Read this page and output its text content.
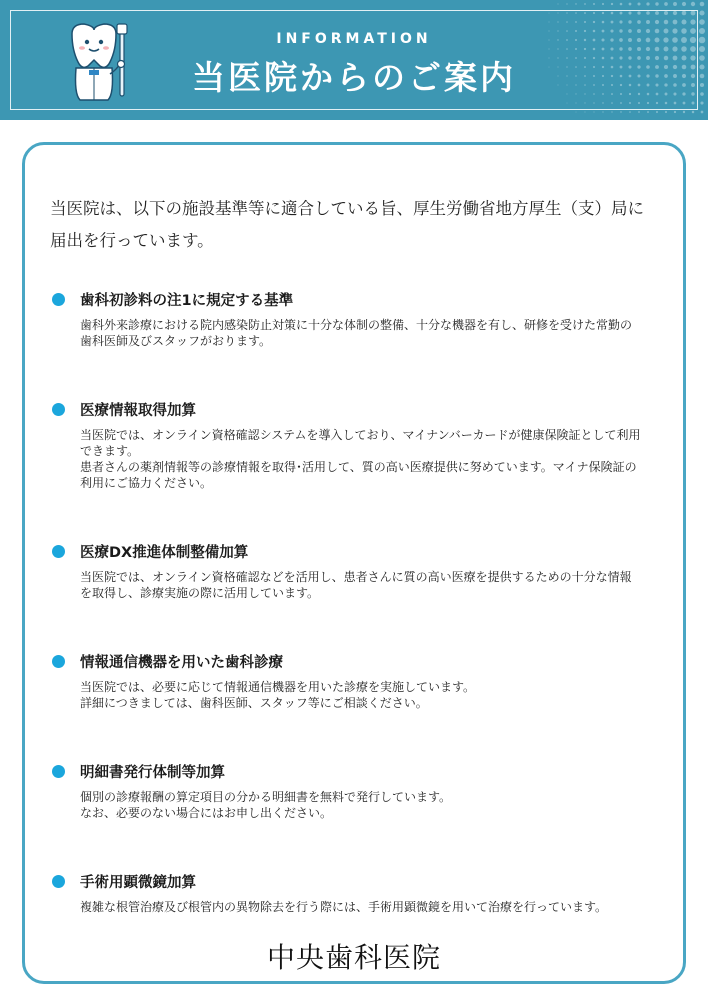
INFORMATION
当医院からのご案内
当医院は、以下の施設基準等に適合している旨、厚生労働省地方厚生（支）局に届出を行っています。
歯科初診料の注1に規定する基準

歯科外来診療における院内感染防止対策に十分な体制の整備、十分な機器を有し、研修を受けた常勤の歯科医師及びスタッフがおります。

医療情報取得加算

当医院では、オンライン資格確認システムを導入しており、マイナンバーカードが健康保険証として利用できます。

患者さんの薬剤情報等の診療情報を取得･活用して、質の高い医療提供に努めています。マイナ保険証の利用にご協力ください。

医療DX推進体制整備加算

当医院では、オンライン資格確認などを活用し、患者さんに質の高い医療を提供するための十分な情報を取得し、診療実施の際に活用しています。

情報通信機器を用いた歯科診療

当医院では、必要に応じて情報通信機器を用いた診療を実施しています。

詳細につきましては、歯科医師、スタッフ等にご相談ください。

明細書発行体制等加算

個別の診療報酬の算定項目の分かる明細書を無料で発行しています。

なお、必要のない場合にはお申し出ください。

手術用顕微鏡加算

複雑な根管治療及び根管内の異物除去を行う際には、手術用顕微鏡を用いて治療を行っています。

中央歯科医院
